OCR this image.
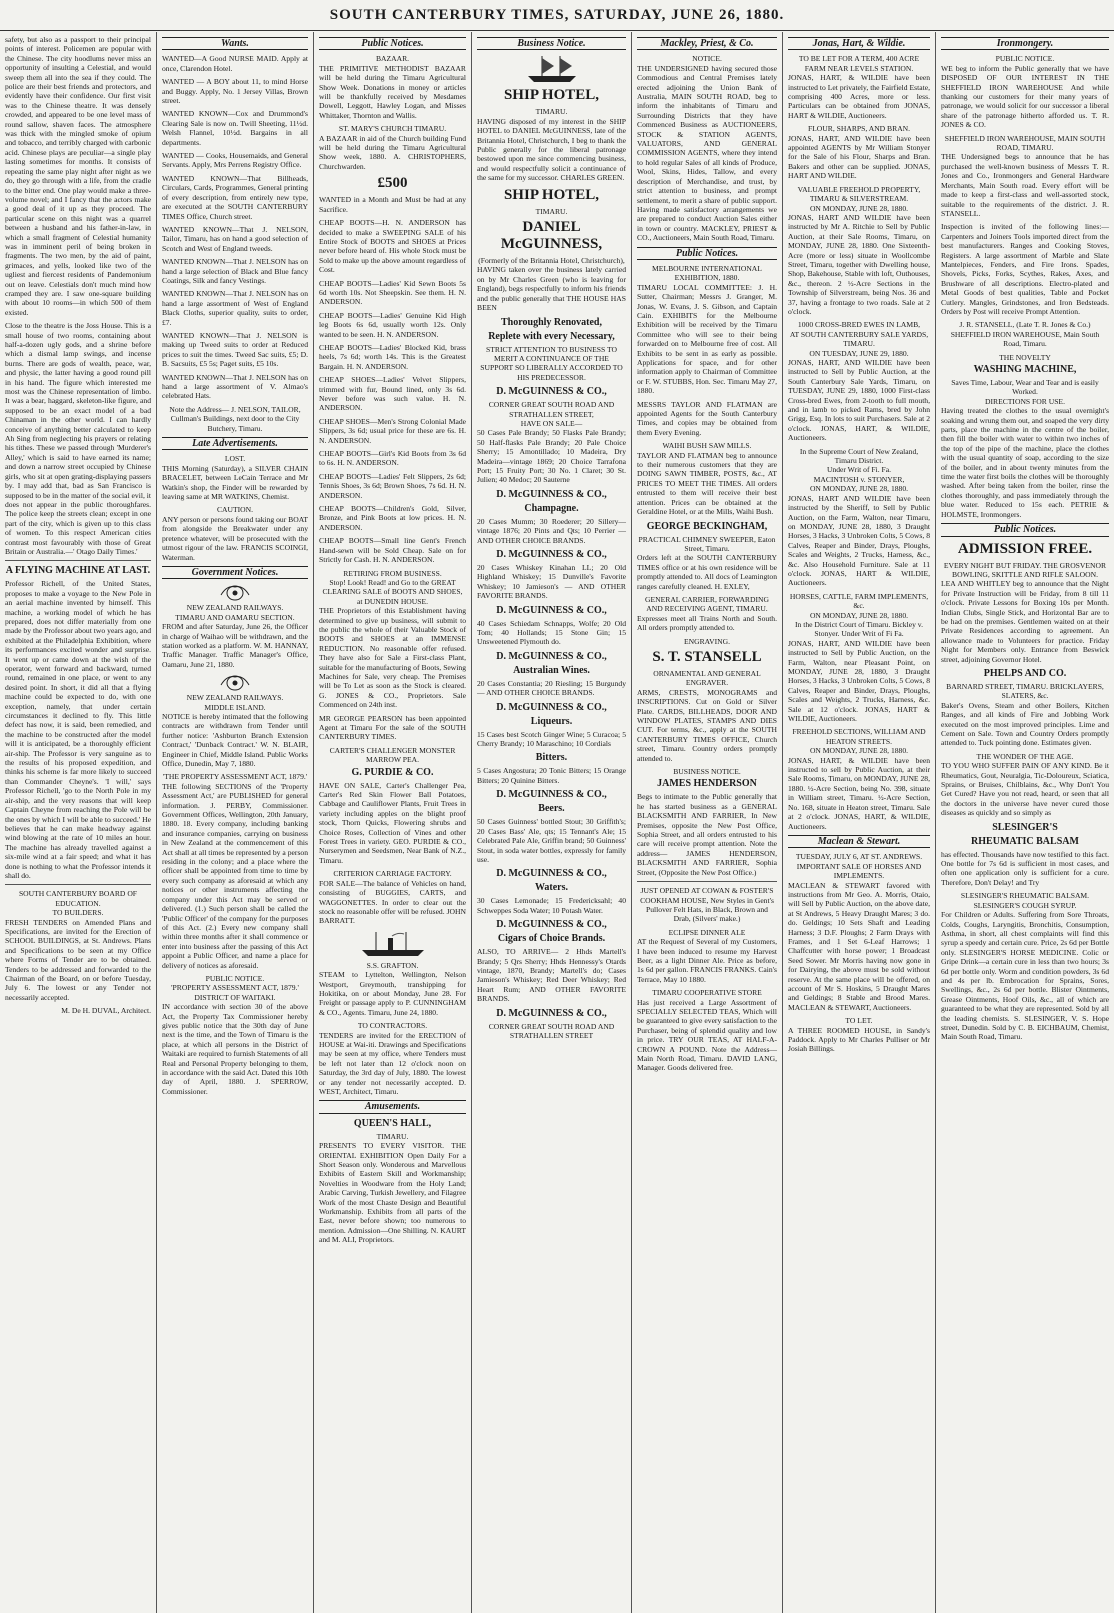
SOUTH CANTERBURY TIMES, SATURDAY, JUNE 26, 1880.

safety, but also as a passport to their principal points of interest. Policemen are popular with the Chinese. The city hoodlums never miss an opportunity of insulting a Celestial, and would sweep them all into the sea if they could. The police are their best friends and protectors, and evidently have their confidence. Our first visit was to the Chinese theatre. It was densely crowded, and appeared to be one level mass of round sallow, shaven faces. The atmosphere was thick with the mingled smoke of opium and tobacco, and terribly charged with carbonic acid. Chinese plays are peculiar—a single play lasting sometimes for months. It consists of repeating the same play night after night as we do, they go through with a life, from the cradle to the bitter end. One play would make a three-volume novel; and I fancy that the actors make a good deal of it up as they proceed. The particular scene on this night was a quarrel between a husband and his father-in-law, in which a small fragment of Celestial humanity was in imminent peril of being broken in fragments. The two men, by the aid of paint, grimaces, and yells, looked like two of the ugliest and fiercest residents of Pandemonium out on leave. Celestials don't much mind how cramped they are. I saw one-square building with about 10 rooms—in which 500 of them existed.

Close to the theatre is the Joss House. This is a small house of two rooms, containing about half-a-dozen ugly gods, and a shrine before which a dismal lamp swings, and incense burns. There are gods of wealth, peace, war, and physic, the latter having a good round pill in his hand. The figure which interested me most was the Chinese representation of limbo. It was a bear, haggard, skeleton-like figure, and supposed to be an exact model of a bad Chinaman in the other world. I can hardly conceive of anything better calculated to keep Ah Sing from neglecting his prayers or relating his tithes. These we passed through 'Murderer's Alley,' which is said to have earned its name; and down a narrow street occupied by Chinese girls, who sit at open grating-displaying passers by. I may add that, bad as San Francisco is supposed to be in the matter of the social evil, it does not appear in the public thoroughfares. The police keep the streets clean; except in one part of the city, which is given up to this class of women. To this respect American cities contrast most favourably with those of Great Britain or Australia.—' Otago Daily Times.'

A FLYING MACHINE AT LAST.

Professor Richell, of the United States, proposes to make a voyage to the New Pole in an aerial machine invented by himself. This machine, a working model of which he has prepared, does not differ materially from one made by the Professor about two years ago, and exhibited at the Philadelphia Exhibition, where its performances excited wonder and surprise. It went up or came down at the wish of the operator, went forward and backward, turned round, remained in one place, or went to any desired point. In short, it did all that a flying machine could be expected to do, with one exception, namely, that under certain circumstances it declined to fly. This little defect has now, it is said, been remedied, and the machine to be constructed after the model will it is anticipated, be a thoroughly efficient air-ship. The Professor is very sanguine as to the results of his proposed expedition, and thinks his scheme is far more likely to succeed than Commander Cheyne's. 'I will,' says Professor Richell, 'go to the North Pole in my air-ship, and the very reasons that will keep Captain Cheyne from reaching the Pole will be the ones by which I will be able to succeed.' He believes that he can make headway against wind blowing at the rate of 10 miles an hour. The machine has already travelled against a six-mile wind at a fair speed; and what it has done is nothing to what the Professor intends it shall do.

SOUTH CANTERBURY BOARD OF EDUCATION.
TO BUILDERS.

FRESH TENDERS on Amended Plans and Specifications, are invited for the Erection of SCHOOL BUILDINGS, at St. Andrews. Plans and Specifications to be seen at my Office where Forms of Tender are to be obtained. Tenders to be addressed and forwarded to the Chairman of the Board, on or before Tuesday, July 6. The lowest or any Tender not necessarily accepted.

M. De H. DUVAL, Architect.
Wants.

WANTED—A Good NURSE MAID. Apply at once, Clarendon Hotel.

WANTED — A BOY about 11, to mind Horse and Buggy. Apply, No. 1 Jersey Villas, Brown street.

WANTED KNOWN—Cox and Drummond's Clearing Sale is now on. Twill Sheeting, 11½d. Welsh Flannel, 10½d. Bargains in all departments.

WANTED — Cooks, Housemaids, and General Servants. Apply, Mrs Perrens Registry Office.

WANTED KNOWN—That Billheads, Circulars, Cards, Programmes, General printing of every description, from entirely new type, are executed at the SOUTH CANTERBURY TIMES Office, Church street.

WANTED KNOWN—That J. NELSON, Tailor, Timaru, has on hand a good selection of Scotch and West of England tweeds.

WANTED KNOWN—That J. NELSON has on hand a large selection of Black and Blue fancy Coatings, Silk and fancy Vestings.

WANTED KNOWN—That J. NELSON has on hand a large assortment of West of England Black Cloths, superior quality, suits to order, £7.

WANTED KNOWN—That J. NELSON is making up Tweed suits to order at Reduced prices to suit the times. Tweed Sac suits, £5; D. B. Sacsuits, £5 5s; Paget suits, £5 10s.

WANTED KNOWN—That J. NELSON has on hand a large assortment of V. Almao's celebrated Hats.

Note the Address— J. NELSON, TAILOR, Cullman's Buildings, next door to the City Butchery, Timaru.

Late Advertisements.
LOST.

THIS Morning (Saturday), a SILVER CHAIN BRACELET, between LeCain Terrace and Mr Watkin's shop, the Finder will be rewarded by leaving same at MR WATKINS, Chemist.

CAUTION.

ANY person or persons found taking our BOAT from alongside the Breakwater under any pretence whatever, will be prosecuted with the utmost rigour of the law. FRANCIS SCOINGI, Waterman.

Government Notices.
NEW ZEALAND RAILWAYS.
TIMARU AND OAMARU SECTION.

FROM and after Saturday, June 26, the Officer in charge of Waihao will be withdrawn, and the station worked as a platform. W. M. HANNAY, Traffic Manager. Traffic Manager's Office, Oamaru, June 21, 1880.

NEW ZEALAND RAILWAYS.
MIDDLE ISLAND.

NOTICE is hereby intimated that the following contracts are withdrawn from Tender until further notice: 'Ashburton Branch Extension Contract,' 'Dunback Contract.' W. N. BLAIR, Engineer in Chief, Middle Island. Public Works Office, Dunedin, May 7, 1880.

'THE PROPERTY ASSESSMENT ACT, 1879.'

THE following SECTIONS of the 'Property Assessment Act,' are PUBLISHED for general information. J. PERBY, Commissioner. Government Offices, Wellington, 20th January, 1880. 18. Every company, including banking and insurance companies, carrying on business in New Zealand at the commencement of this Act shall at all times be represented by a person residing in the colony; and a place where the officer shall be appointed from time to time by every such company as aforesaid at which any notices or other instruments affecting the company under this Act may be served or delivered. (1.) Such person shall be called the 'Public Officer' of the company for the purposes of this Act. (2.) Every new company shall within three months after it shall commence or enter into business after the passing of this Act appoint a Public Officer, and name a place for delivery of notices as aforesaid.

PUBLIC NOTICE.
'PROPERTY ASSESSMENT ACT, 1879.'
DISTRICT OF WAITAKI.

IN accordance with section 30 of the above Act, the Property Tax Commissioner hereby gives public notice that the 30th day of June next is the time, and the Town of Timaru is the place, at which all persons in the District of Waitaki are required to furnish Statements of all Real and Personal Property belonging to them, in accordance with the said Act. Dated this 10th day of April, 1880. J. SPERROW, Commissioner.

Public Notices.
BAZAAR.

THE PRIMITIVE METHODIST BAZAAR will be held during the Timaru Agricultural Show Week. Donations in money or articles will be thankfully received by Mesdames Dowell, Leggott, Hawley Logan, and Misses Whittaker, Thornton and Wallis.

ST. MARY'S CHURCH TIMARU.

A BAZAAR in aid of the Church building Fund will be held during the Timaru Agricultural Show week, 1880. A. CHRISTOPHERS, Churchwarden.

£500

WANTED in a Month and Must be had at any Sacrifice.

CHEAP BOOTS—H. N. ANDERSON has decided to make a SWEEPING SALE of his Entire Stock of BOOTS and SHOES at Prices never before heard of. His whole Stock must be Sold to make up the above amount regardless of Cost.

CHEAP BOOTS—Ladies' Kid Sewn Boots 5s 6d worth 10s. Not Sheepskin. See them. H. N. ANDERSON.

CHEAP BOOTS—Ladies' Genuine Kid High leg Boots 6s 6d, usually worth 12s. Only wanted to be seen. H. N. ANDERSON.

CHEAP BOOTS—Ladies' Blocked Kid, brass heels, 7s 6d; worth 14s. This is the Greatest Bargain. H. N. ANDERSON.

CHEAP SHOES—Ladies' Velvet Slippers, trimmed with fur, Bound lined, only 3s 6d. Never before was such value. H. N. ANDERSON.

CHEAP SHOES—Men's Strong Colonial Made Slippers, 3s 6d; usual price for these are 6s. H. N. ANDERSON.

CHEAP BOOTS—Girl's Kid Boots from 3s 6d to 6s. H. N. ANDERSON.

CHEAP BOOTS—Ladies' Felt Slippers, 2s 6d; Tennis Shoes, 3s 6d; Brown Shoes, 7s 6d. H. N. ANDERSON.

CHEAP BOOTS—Children's Gold, Silver, Bronze, and Pink Boots at low prices. H. N. ANDERSON.

CHEAP BOOTS—Small line Gent's French Hand-sewn will be Sold Cheap. Sale on for Strictly for Cash. H. N. ANDERSON.

RETIRING FROM BUSINESS.
Stop! Look! Read! and Go to the GREAT CLEARING SALE of BOOTS AND SHOES, at DUNEDIN HOUSE.

THE Proprietors of this Establishment having determined to give up business, will submit to the public the whole of their Valuable Stock of BOOTS and SHOES at an IMMENSE REDUCTION. No reasonable offer refused. They have also for Sale a First-class Plant, suitable for the manufacturing of Boots, Sewing Machines for Sale, very cheap. The Premises will be To Let as soon as the Stock is cleared. G. JONES & CO., Proprietors. Sale Commenced on 24th inst.

MR GEORGE PEARSON has been appointed Agent at Timaru For the sale of the SOUTH CANTERBURY TIMES.

CARTER'S CHALLENGER MONSTER MARROW PEA.
G. PURDIE & CO.

HAVE ON SALE, Carter's Challenger Pea, Carter's Red Skin Flower Ball Potatoes, Cabbage and Cauliflower Plants, Fruit Trees in variety including apples on the blight proof stock, Thorn Quicks, Flowering shrubs and Choice Roses, Collection of Vines and other Forest Trees in variety. GEO. PURDIE & CO., Nurserymen and Seedsmen, Near Bank of N.Z., Timaru.

CRITERION CARRIAGE FACTORY.

FOR SALE—The balance of Vehicles on hand, consisting of BUGGIES, CARTS, and WAGGONETTES. In order to clear out the stock no reasonable offer will be refused. JOHN BARRATT.

S.S. GRAFTON.

STEAM to Lyttelton, Wellington, Nelson Westport, Greymouth, transhipping for Hokitika, on or about Monday, June 28. For Freight or passage apply to P. CUNNINGHAM & CO., Agents. Timaru, June 24, 1880.

TO CONTRACTORS.

TENDERS are invited for the ERECTION of HOUSE at Wai-iti. Drawings and Specifications may be seen at my office, where Tenders must be left not later than 12 o'clock noon on Saturday, the 3rd day of July, 1880. The lowest or any tender not necessarily accepted. D. WEST, Architect, Timaru.

Amusements.
QUEEN'S HALL,
TIMARU.

PRESENTS TO EVERY VISITOR. THE ORIENTAL EXHIBITION Open Daily For a Short Season only. Wonderous and Marvellous Exhibits of Eastern Skill and Workmanship; Novelties in Woodware from the Holy Land; Arabic Carving, Turkish Jewellery, and Filagree Work of the most Chaste Design and Beautiful Workmanship. Exhibits from all parts of the East, never before shown; too numerous to mention. Admission—One Shilling. N. KAURT and M. ALI, Proprietors.

Business Notice.
SHIP HOTEL,
TIMARU.

HAVING disposed of my interest in the SHIP HOTEL to DANIEL McGUINNESS, late of the Britannia Hotel, Christchurch, I beg to thank the Public generally for the liberal patronage bestowed upon me since commencing business, and would respectfully solicit a continuance of the same for my successor. CHARLES GREEN.

SHIP HOTEL,
TIMARU.
DANIEL McGUINNESS,
(Formerly of the Britannia Hotel, Christchurch),

HAVING taken over the business lately carried on by Mr Charles Green (who is leaving for England), begs respectfully to inform his friends and the public generally that THE HOUSE HAS BEEN

Thoroughly Renovated,
Replete with every Necessary,

STRICT ATTENTION TO BUSINESS TO MERIT A CONTINUANCE OF THE SUPPORT SO LIBERALLY ACCORDED TO HIS PREDECESSOR.

D. McGUINNESS & CO.,
CORNER GREAT SOUTH ROAD AND STRATHALLEN STREET,
HAVE ON SALE—

50 Cases Pale Brandy; 50 Flasks Pale Brandy; 50 Half-flasks Pale Brandy; 20 Pale Choice Sherry; 15 Amontillado; 10 Madeira, Dry Madeira—vintage 1869; 20 Choice Tarrafona Port; 15 Fruity Port; 30 No. 1 Claret; 30 St. Julien; 40 Medoc; 20 Sauterne

D. McGUINNESS & CO.,
Champagne.

20 Cases Mumm; 30 Roederer; 20 Sillery—vintage 1876; 20 Pints and Qts; 10 Perrier — AND OTHER CHOICE BRANDS.

D. McGUINNESS & CO.,

20 Cases Whiskey Kinahan LL; 20 Old Highland Whiskey; 15 Dunville's Favorite Whiskey; 10 Jamieson's — AND OTHER FAVORITE BRANDS.

D. McGUINNESS & CO.,

40 Cases Schiedam Schnapps, Wolfe; 20 Old Tom; 40 Hollands; 15 Stone Gin; 15 Unsweetened Plymouth do.

D. McGUINNESS & CO.,
Australian Wines.

20 Cases Constantia; 20 Riesling; 15 Burgundy — AND OTHER CHOICE BRANDS.

D. McGUINNESS & CO.,
Liqueurs.

15 Cases best Scotch Ginger Wine; 5 Curacoa; 5 Cherry Brandy; 10 Maraschino; 10 Cordials

Bitters.

5 Cases Angostura; 20 Tonic Bitters; 15 Orange Bitters; 20 Quinine Bitters.

D. McGUINNESS & CO.,
Beers.

50 Cases Guinness' bottled Stout; 30 Griffith's; 20 Cases Bass' Ale, qts; 15 Tennant's Ale; 15 Celebrated Pale Ale, Griffin brand; 50 Guinness' Stout, in soda water bottles, expressly for family use.

D. McGUINNESS & CO.,
Waters.

30 Cases Lemonade; 15 Fredericksahl; 40 Schweppes Soda Water; 10 Potash Water.

D. McGUINNESS & CO.,
Cigars of Choice Brands.

ALSO, TO ARRIVE— 2 Hhds Martell's Brandy; 5 Qrs Sherry; Hhds Hennessy's Otards vintage, 1870, Brandy; Martell's do; Cases Jamieson's Whiskey; Red Deer Whiskey; Red Heart Rum; AND OTHER FAVORITE BRANDS.

D. McGUINNESS & CO.,
CORNER GREAT SOUTH ROAD AND STRATHALLEN STREET
Mackley, Priest, & Co.
NOTICE.

THE UNDERSIGNED having secured those Commodious and Central Premises lately erected adjoining the Union Bank of Australia, MAIN SOUTH ROAD, beg to inform the inhabitants of Timaru and Surrounding Districts that they have Commenced Business as AUCTIONEERS, STOCK & STATION AGENTS, VALUATORS, AND GENERAL COMMISSION AGENTS, where they intend to hold regular Sales of all kinds of Produce, Wool, Skins, Hides, Tallow, and every description of Merchandise, and trust, by strict attention to business, and prompt settlement, to merit a share of public support. Having made satisfactory arrangements we are prepared to conduct Auction Sales either in town or country. MACKLEY, PRIEST & CO., Auctioneers, Main South Road, Timaru.

Public Notices.
MELBOURNE INTERNATIONAL EXHIBITION, 1880.

TIMARU LOCAL COMMITTEE: J. H. Sutter, Chairman; Messrs J. Granger, M. Jonas, W. Evans, J. S. Gibson, and Captain Cain. EXHIBITS for the Melbourne Exhibition will be received by the Timaru Committee who will see to their being forwarded on to Melbourne free of cost. All Exhibits to be sent in as early as possible. Applications for space, and for other information apply to Chairman of Committee or F. W. STUBBS, Hon. Sec. Timaru May 27, 1880.

MESSRS TAYLOR AND FLATMAN are appointed Agents for the South Canterbury Times, and copies may be obtained from them Every Evening.

WAIHI BUSH SAW MILLS.

TAYLOR AND FLATMAN beg to announce to their numerous customers that they are DOING SAWN TIMBER, POSTS, &c., AT PRICES TO MEET THE TIMES. All orders entrusted to them will receive their best attention. Prices can be obtained at the Geraldine Hotel, or at the Mills, Waihi Bush.

GEORGE BECKINGHAM,
PRACTICAL CHIMNEY SWEEPER, Eaton Street, Timaru.

Orders left at the SOUTH CANTERBURY TIMES office or at his own residence will be promptly attended to. All docs of Leamington ranges carefully cleaned. H. EXLEY,

GENERAL CARRIER, FORWARDING AND RECEIVING AGENT, TIMARU.

Expresses meet all Trains North and South. All orders promptly attended to.

ENGRAVING.
S. T. STANSELL
ORNAMENTAL AND GENERAL ENGRAVER.

ARMS, CRESTS, MONOGRAMS and INSCRIPTIONS. Cut on Gold or Silver Plate. CARDS, BILLHEADS, DOOR AND WINDOW PLATES, STAMPS AND DIES CUT. For terms, &c., apply at the SOUTH CANTERBURY TIMES OFFICE, Church street, Timaru. Country orders promptly attended to.

BUSINESS NOTICE.
JAMES HENDERSON

Begs to intimate to the Public generally that he has started business as a GENERAL BLACKSMITH AND FARRIER, In New Premises, opposite the New Post Office, Sophia Street, and all orders entrusted to his care will receive prompt attention. Note the address— JAMES HENDERSON, BLACKSMITH AND FARRIER, Sophia Street, (Opposite the New Post Office.)

JUST OPENED AT COWAN & FOSTER'S COOKHAM HOUSE, New Styles in Gent's Pullover Felt Hats, in Black, Brown and Drab, (Silvers' make.)

ECLIPSE DINNER ALE

AT the Request of Several of my Customers, I have been induced to resume my Harvest Beer, as a light Dinner Ale. Price as before, 1s 6d per gallon. FRANCIS FRANKS. Cain's Terrace, May 10 1880.

TIMARU COOPERATIVE STORE

Has just received a Large Assortment of SPECIALLY SELECTED TEAS, Which will be guaranteed to give every satisfaction to the Purchaser, being of splendid quality and low in price. TRY OUR TEAS, AT HALF-A-CROWN A POUND. Note the Address— Main North Road, Timaru. DAVID LANG, Manager. Goods delivered free.

Jonas, Hart, & Wildie.
TO BE LET FOR A TERM, 400 ACRE FARM NEAR LEVELS STATION.

JONAS, HART, & WILDIE have been instructed to Let privately, the Fairfield Estate, comprising 400 Acres, more or less. Particulars can be obtained from JONAS, HART & WILDIE, Auctioneers.

FLOUR, SHARPS, AND BRAN.

JONAS, HART, AND WILDIE have been appointed AGENTS by Mr William Stonyer for the Sale of his Flour, Sharps and Bran. Bakers and other can be supplied. JONAS, HART AND WILDIE.

VALUABLE FREEHOLD PROPERTY, TIMARU & SILVERSTREAM.
ON MONDAY, JUNE 28, 1880.

JONAS, HART AND WILDIE have been instructed by Mr A. Ritchie to Sell by Public Auction, at their Sale Rooms, Timaru, on MONDAY, JUNE 28, 1880. One Sixteenth-Acre (more or less) situate in Woollcombe Street, Timaru, together with Dwelling house, Shop, Bakehouse, Stable with loft, Outhouses, &c., thereon. 2 ½-Acre Sections in the Township of Silverstream, being Nos. 36 and 37, having a frontage to two roads. Sale at 2 o'clock.

1000 CROSS-BRED EWES IN LAMB,
AT SOUTH CANTERBURY SALE YARDS, TIMARU.
ON TUESDAY, JUNE 29, 1880.

JONAS, HART, AND WILDIE have been instructed to Sell by Public Auction, at the South Canterbury Sale Yards, Timaru, on TUESDAY, JUNE 29, 1880, 1000 First-class Cross-bred Ewes, from 2-tooth to full mouth, and in lamb to picked Rams, bred by John Grigg, Esq. In lots to suit Purchasers. Sale at 2 o'clock. JONAS, HART, & WILDIE, Auctioneers.

In the Supreme Court of New Zealand, Timaru District.
Under Writ of Fi. Fa.
MACINTOSH v. STONYER,
ON MONDAY, JUNE 28, 1880.

JONAS, HART AND WILDIE have been instructed by the Sheriff, to Sell by Public Auction, on the Farm, Walton, near Timaru, on MONDAY, JUNE 28, 1880, 3 Draught Horses, 3 Hacks, 3 Unbroken Colts, 5 Cows, 8 Calves, Reaper and Binder, Drays, Ploughs, Scales and Weights, 2 Trucks, Harness, &c., &c. Also Household Furniture. Sale at 11 o'clock. JONAS, HART & WILDIE, Auctioneers.

HORSES, CATTLE, FARM IMPLEMENTS, &c.
ON MONDAY, JUNE 28, 1880.
In the District Court of Timaru. Bickley v. Stonyer. Under Writ of Fi Fa.

JONAS, HART, AND WILDIE have been instructed to Sell by Public Auction, on the Farm, Walton, near Pleasant Point, on MONDAY, JUNE 28, 1880, 3 Draught Horses, 3 Hacks, 3 Unbroken Colts, 5 Cows, 8 Calves, Reaper and Binder, Drays, Ploughs, Scales and Weights, 2 Trucks, Harness, &c. Sale at 12 o'clock. JONAS, HART & WILDIE, Auctioneers.

FREEHOLD SECTIONS, WILLIAM AND HEATON STREETS.
ON MONDAY, JUNE 28, 1880.

JONAS, HART, & WILDIE have been instructed to sell by Public Auction, at their Sale Rooms, Timaru, on MONDAY, JUNE 28, 1880. ½-Acre Section, being No. 398, situate in William street, Timaru. ½-Acre Section, No. 168, situate in Heaton street, Timaru. Sale at 2 o'clock. JONAS, HART, & WILDIE, Auctioneers.

Maclean & Stewart.
TUESDAY, JULY 6, AT ST. ANDREWS.
IMPORTANT SALE OF HORSES AND IMPLEMENTS.

MACLEAN & STEWART favored with instructions from Mr Geo. A. Morris, Otaio, will Sell by Public Auction, on the above date, at St Andrews, 5 Heavy Draught Mares; 3 do. do. Geldings; 10 Sets Shaft and Leading Harness; 3 D.F. Ploughs; 2 Farm Drays with Frames, and 1 Set 6-Leaf Harrows; 1 Chaffcutter with horse power; 1 Broadcast Seed Sower. Mr Morris having now gone in for Dairying, the above must be sold without reserve. At the same place will be offered, on account of Mr S. Hoskins, 5 Draught Mares and Geldings; 8 Stable and Brood Mares. MACLEAN & STEWART, Auctioneers.

TO LET.

A THREE ROOMED HOUSE, in Sandy's Paddock. Apply to Mr Charles Pulliser or Mr Josiah Billings.

Ironmongery.
PUBLIC NOTICE.

WE beg to inform the Public generally that we have DISPOSED OF OUR INTEREST IN THE SHEFFIELD IRON WAREHOUSE And while thanking our customers for their many years of patronage, we would solicit for our successor a liberal share of the patronage hitherto afforded us. T. R. JONES & CO.

SHEFFIELD IRON WAREHOUSE, MAIN SOUTH ROAD, TIMARU.

THE Undersigned begs to announce that he has purchased the well-known business of Messrs T. R. Jones and Co., Ironmongers and General Hardware Merchants, Main South road. Every effort will be made to keep a first-class and well-assorted stock, suitable to the requirements of the district. J. R. STANSELL.

Inspection is invited of the following lines:—Carpenters and Joiners Tools imported direct from the best manufacturers. Ranges and Cooking Stoves, Registers. A large assortment of Marble and Slate Mantelpieces, Fenders, and Fire Irons. Spades, Shovels, Picks, Forks, Scythes, Rakes, Axes, and Brushware of all descriptions. Electro-plated and Metal Goods of best qualities, Table and Pocket Cutlery. Mangles, Grindstones, and Iron Bedsteads. Orders by Post will receive Prompt Attention.

J. R. STANSELL, (Late T. R. Jones & Co.) SHEFFIELD IRON WAREHOUSE, Main South Road, Timaru.

THE NOVELTY
WASHING MACHINE,
Saves Time, Labour, Wear and Tear and is easily Worked.
DIRECTIONS FOR USE.

Having treated the clothes to the usual overnight's soaking and wrung them out, and soaped the very dirty parts, place the machine in the centre of the boiler, then fill the boiler with water to within two inches of the top of the pipe of the machine, place the clothes with the usual quantity of soap, according to the size of the boiler, and in about twenty minutes from the time the water first boils the clothes will be thoroughly washed. After being taken from the boiler, rinse the clothes thoroughly, and pass immediately through the blue water. Reduced to 15s each. PETRIE & HOLMSTE, Ironmongers.

Public Notices.
ADMISSION FREE.
EVERY NIGHT BUT FRIDAY. THE GROSVENOR BOWLING, SKITTLE AND RIFLE SALOON.

LEA AND WHITLEY beg to announce that the Night for Private Instruction will be Friday, from 8 till 11 o'clock. Private Lessons for Boxing 10s per Month. Indian Clubs, Single Stick, and Horizontal Bar are to be had on the premises. Gentlemen waited on at their Private Residences according to agreement. An allowance made to Volunteers for practice. Friday Night for Members only. Entrance from Beswick street, adjoining Governor Hotel.

PHELPS AND CO.
BARNARD STREET, TIMARU. BRICKLAYERS, SLATERS, &c.

Baker's Ovens, Steam and other Boilers, Kitchen Ranges, and all kinds of Fire and Jobbing Work executed on the most improved principles. Lime and Cement on Sale. Town and Country Orders promptly attended to. Tuck pointing done. Estimates given.

THE WONDER OF THE AGE.

TO YOU WHO SUFFER PAIN OF ANY KIND. Be it Rheumatics, Gout, Neuralgia, Tic-Doloureux, Sciatica, Sprains, or Bruises, Chilblains, &c., Why Don't You Get Cured? Have you not read, heard, or seen that all the doctors in the universe have never cured those diseases as quickly and so simply as

SLESINGER'S
RHEUMATIC BALSAM

has effected. Thousands have now testified to this fact. One bottle for 7s 6d is sufficient in most cases, and often one application only is sufficient for a cure. Therefore, Don't Delay! and Try

SLESINGER'S RHEUMATIC BALSAM.
SLESINGER'S COUGH SYRUP.

For Children or Adults. Suffering from Sore Throats, Colds, Coughs, Laryngitis, Bronchitis, Consumption, Asthma, in short, all chest complaints will find this syrup a speedy and certain cure. Price, 2s 6d per Bottle only. SLESINGER'S HORSE MEDICINE. Colic or Gripe Drink—a certain cure in less than two hours; 3s 6d per bottle only. Worm and condition powders, 3s 6d and 4s per lb. Embrocation for Sprains, Sores, Swellings, &c., 2s 6d per bottle. Blister Ointments, Grease Ointments, Hoof Oils, &c., all of which are guaranteed to be what they are represented. Sold by all the leading chemists. S. SLESINGER, V. S. Hope street, Dunedin. Sold by C. B. EICHBAUM, Chemist, Main South Road, Timaru.
